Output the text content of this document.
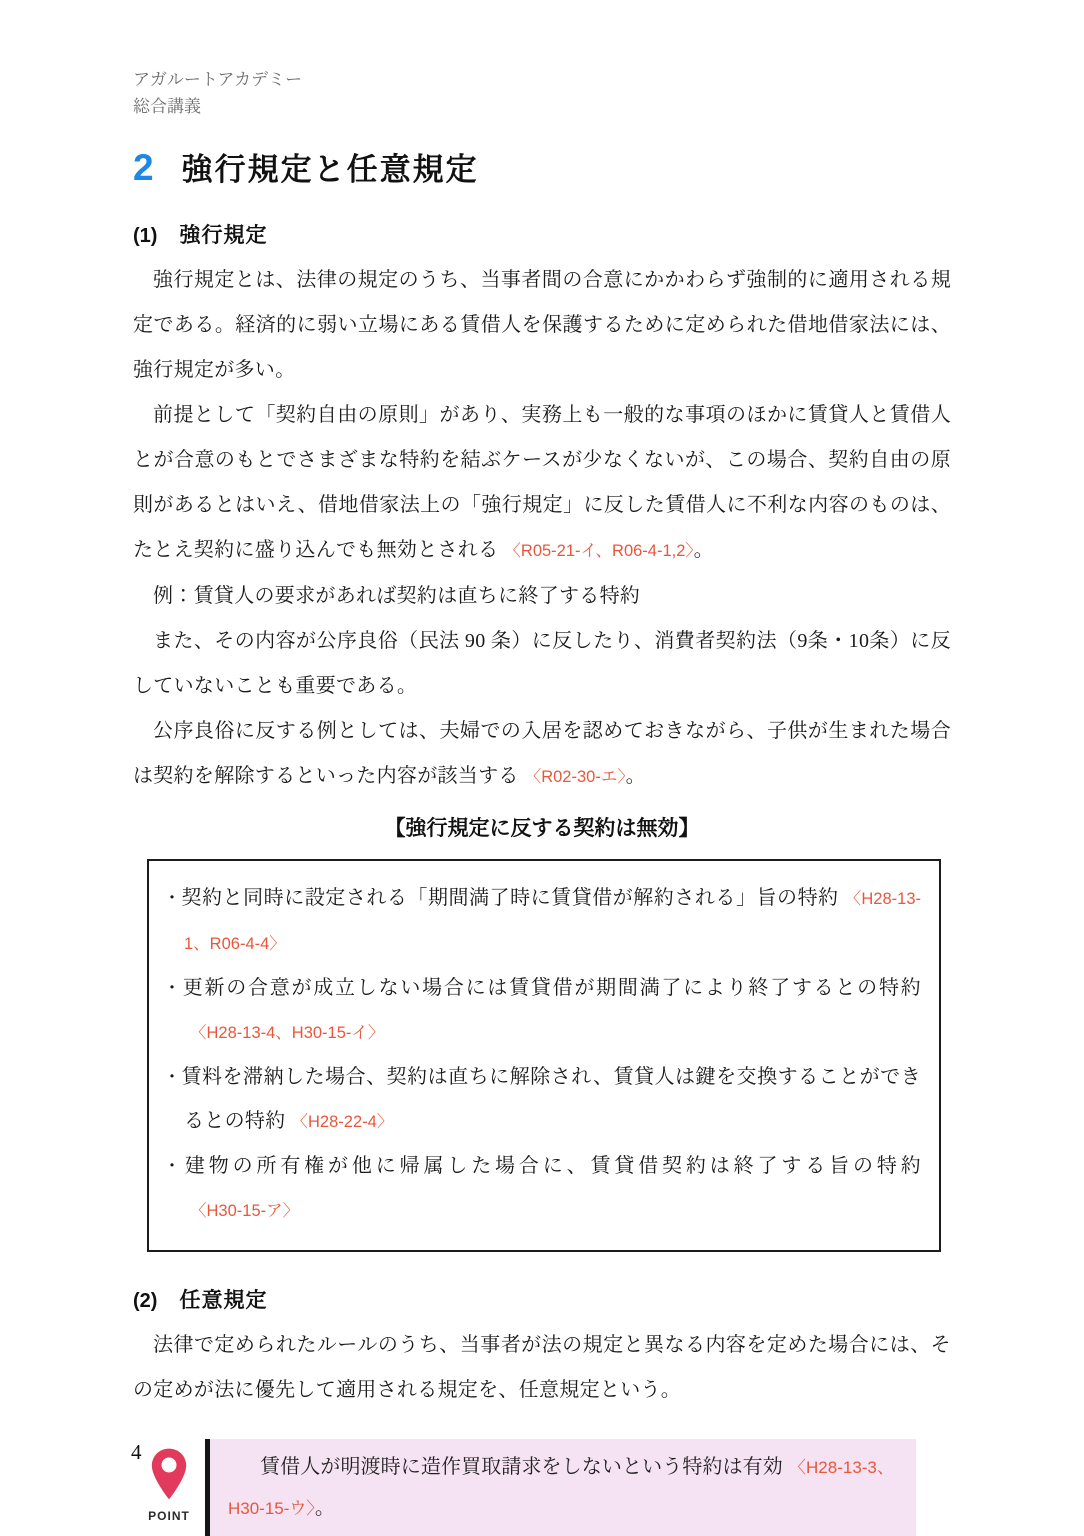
アガルートアカデミー
総合講義
2 強行規定と任意規定
(1) 強行規定

強行規定とは、法律の規定のうち、当事者間の合意にかかわらず強制的に適用される規定である。経済的に弱い立場にある賃借人を保護するために定められた借地借家法には、強行規定が多い。

前提として「契約自由の原則」があり、実務上も一般的な事項のほかに賃貸人と賃借人とが合意のもとでさまざまな特約を結ぶケースが少なくないが、この場合、契約自由の原則があるとはいえ、借地借家法上の「強行規定」に反した賃借人に不利な内容のものは、たとえ契約に盛り込んでも無効とされる 〈R05-21-イ、R06-4-1,2〉。

例：賃貸人の要求があれば契約は直ちに終了する特約

また、その内容が公序良俗（民法 90 条）に反したり、消費者契約法（9条・10条）に反していないことも重要である。

公序良俗に反する例としては、夫婦での入居を認めておきながら、子供が生まれた場合は契約を解除するといった内容が該当する 〈R02-30-エ〉。

【強行規定に反する契約は無効】
・契約と同時に設定される「期間満了時に賃貸借が解約される」旨の特約 〈H28-13-1、R06-4-4〉
・更新の合意が成立しない場合には賃貸借が期間満了により終了するとの特約〈H28-13-4、H30-15-イ〉
・賃料を滞納した場合、契約は直ちに解除され、賃貸人は鍵を交換することができるとの特約 〈H28-22-4〉
・建物の所有権が他に帰属した場合に、賃貸借契約は終了する旨の特約〈H30-15-ア〉
(2) 任意規定

法律で定められたルールのうち、当事者が法の規定と異なる内容を定めた場合には、その定めが法に優先して適用される規定を、任意規定という。

POINT
賃借人が明渡時に造作買取請求をしないという特約は有効 〈H28-13-3、H30-15-ウ〉。
4
